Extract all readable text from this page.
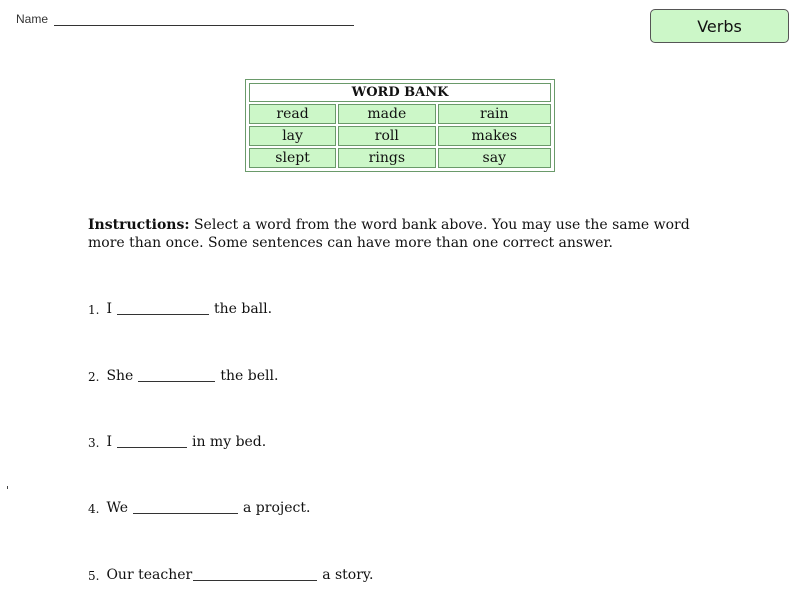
Name	Verbs
WORD BANK		
read	made	rain
lay	roll	makes
slept	rings	say
Instructions: Select a word from the word bank above. You may use the same word more than once. Some sentences can have more than one correct answer.
1. I	the ball.
2. She	the bell.
3. I	in my bed.
4. We	a project.
5. Our teacher	a story.
